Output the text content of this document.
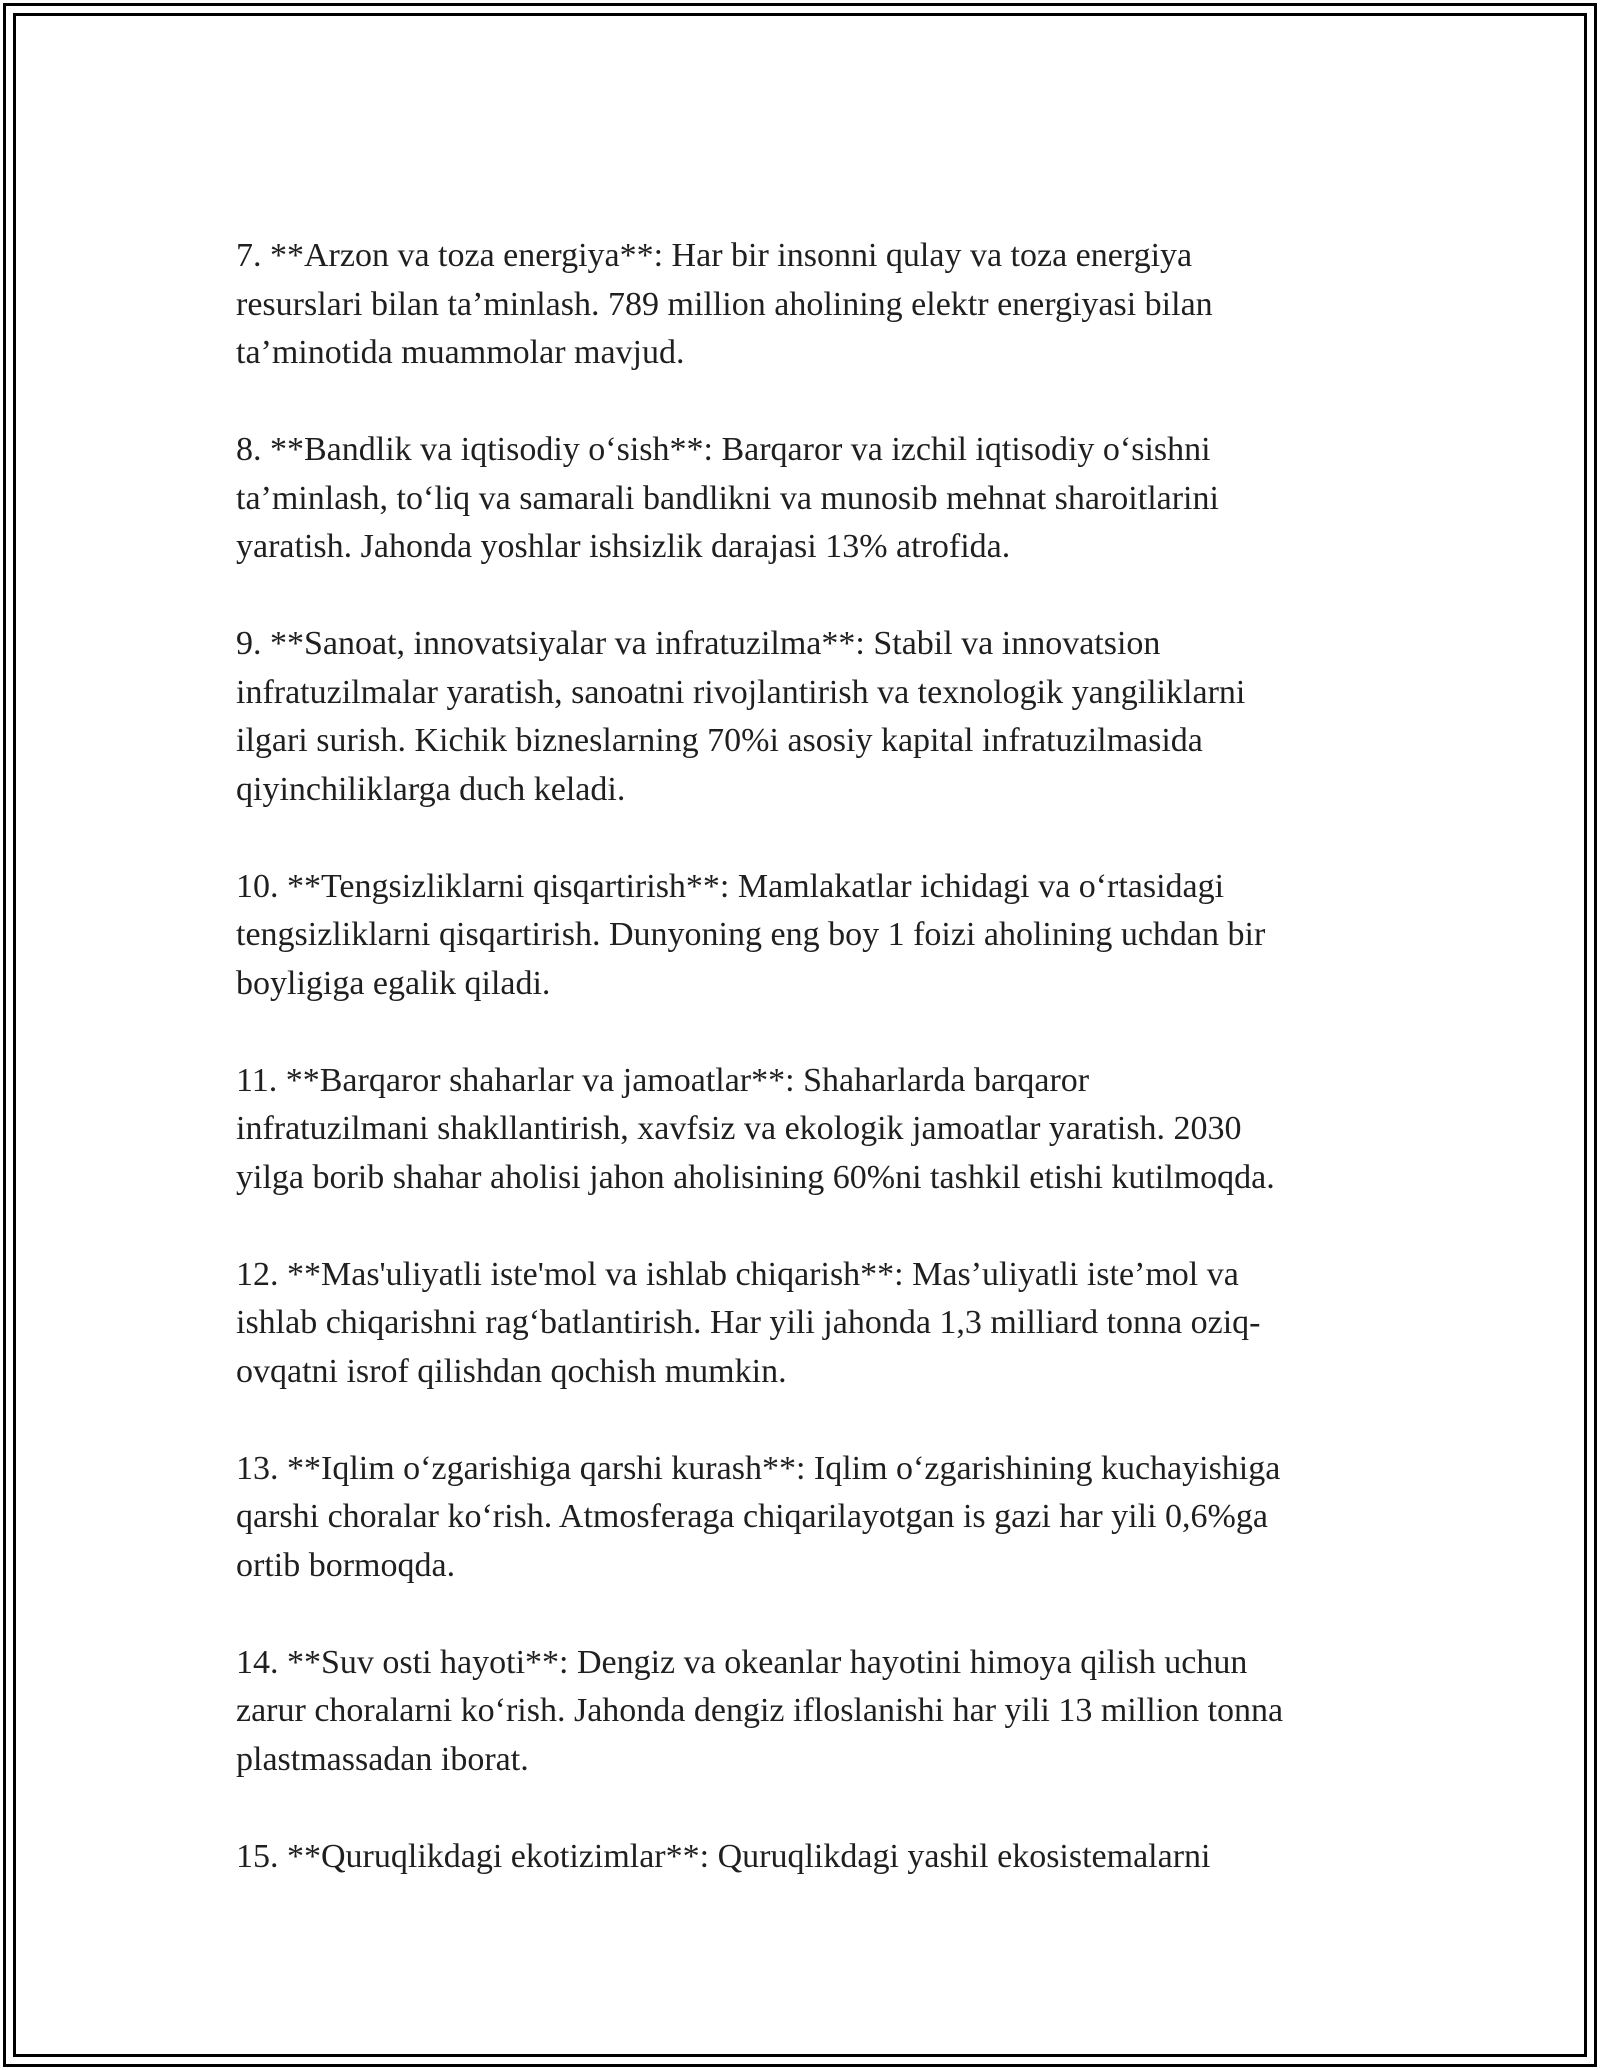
7. **Arzon va toza energiya**: Har bir insonni qulay va toza energiya
resurslari bilan ta’minlash. 789 million aholining elektr energiyasi bilan
ta’minotida muammolar mavjud.
8. **Bandlik va iqtisodiy o‘sish**: Barqaror va izchil iqtisodiy o‘sishni
ta’minlash, to‘liq va samarali bandlikni va munosib mehnat sharoitlarini
yaratish. Jahonda yoshlar ishsizlik darajasi 13% atrofida.
9. **Sanoat, innovatsiyalar va infratuzilma**: Stabil va innovatsion
infratuzilmalar yaratish, sanoatni rivojlantirish va texnologik yangiliklarni
ilgari surish. Kichik bizneslarning 70%i asosiy kapital infratuzilmasida
qiyinchiliklarga duch keladi.
10. **Tengsizliklarni qisqartirish**: Mamlakatlar ichidagi va o‘rtasidagi
tengsizliklarni qisqartirish. Dunyoning eng boy 1 foizi aholining uchdan bir
boyligiga egalik qiladi.
11. **Barqaror shaharlar va jamoatlar**: Shaharlarda barqaror
infratuzilmani shakllantirish, xavfsiz va ekologik jamoatlar yaratish. 2030
yilga borib shahar aholisi jahon aholisining 60%ni tashkil etishi kutilmoqda.
12. **Mas'uliyatli iste'mol va ishlab chiqarish**: Mas’uliyatli iste’mol va
ishlab chiqarishni rag‘batlantirish. Har yili jahonda 1,3 milliard tonna oziq-
ovqatni isrof qilishdan qochish mumkin.
13. **Iqlim o‘zgarishiga qarshi kurash**: Iqlim o‘zgarishining kuchayishiga
qarshi choralar ko‘rish. Atmosferaga chiqarilayotgan is gazi har yili 0,6%ga
ortib bormoqda.
14. **Suv osti hayoti**: Dengiz va okeanlar hayotini himoya qilish uchun
zarur choralarni ko‘rish. Jahonda dengiz ifloslanishi har yili 13 million tonna
plastmassadan iborat.
15. **Quruqlikdagi ekotizimlar**: Quruqlikdagi yashil ekosistemalarni
